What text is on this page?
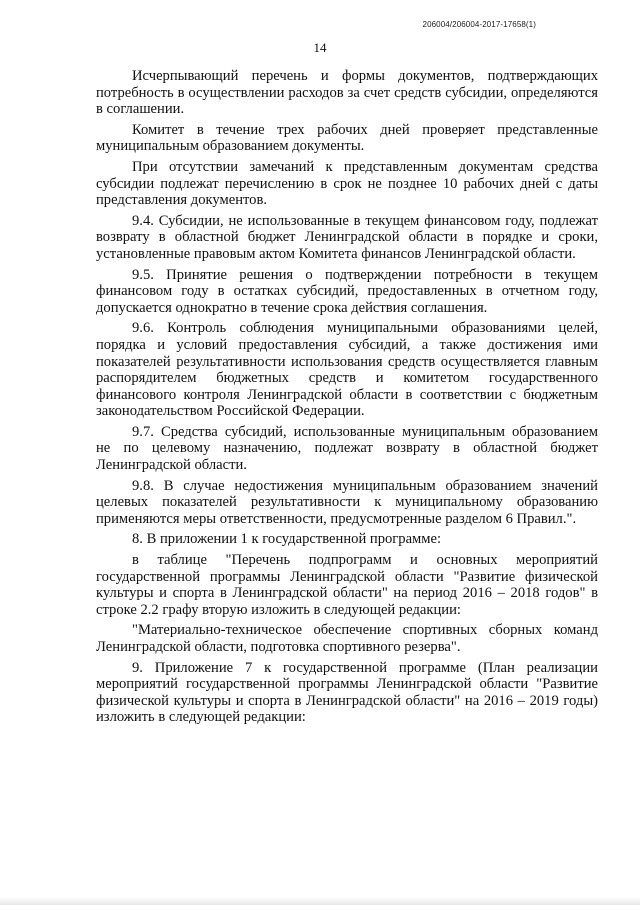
206004/206004-2017-17658(1)
14

Исчерпывающий перечень и формы документов, подтверждающих потребность в осуществлении расходов за счет средств субсидии, определяются в соглашении.

Комитет в течение трех рабочих дней проверяет представленные муниципальным образованием документы.

При отсутствии замечаний к представленным документам средства субсидии подлежат перечислению в срок не позднее 10 рабочих дней с даты представления документов.

9.4. Субсидии, не использованные в текущем финансовом году, подлежат возврату в областной бюджет Ленинградской области в порядке и сроки, установленные правовым актом Комитета финансов Ленинградской области.

9.5. Принятие решения о подтверждении потребности в текущем финансовом году в остатках субсидий, предоставленных в отчетном году, допускается однократно в течение срока действия соглашения.

9.6. Контроль соблюдения муниципальными образованиями целей, порядка и условий предоставления субсидий, а также достижения ими показателей результативности использования средств осуществляется главным распорядителем бюджетных средств и комитетом государственного финансового контроля Ленинградской области в соответствии с бюджетным законодательством Российской Федерации.

9.7. Средства субсидий, использованные муниципальным образованием не по целевому назначению, подлежат возврату в областной бюджет Ленинградской области.

9.8. В случае недостижения муниципальным образованием значений целевых показателей результативности к муниципальному образованию применяются меры ответственности, предусмотренные разделом 6 Правил.".

8. В приложении 1 к государственной программе:

в таблице "Перечень подпрограмм и основных мероприятий государственной программы Ленинградской области "Развитие физической культуры и спорта в Ленинградской области" на период 2016 – 2018 годов" в строке 2.2 графу вторую изложить в следующей редакции:

"Материально-техническое обеспечение спортивных сборных команд Ленинградской области, подготовка спортивного резерва".

9. Приложение 7 к государственной программе (План реализации мероприятий государственной программы Ленинградской области "Развитие физической культуры и спорта в Ленинградской области" на 2016 – 2019 годы) изложить в следующей редакции:
